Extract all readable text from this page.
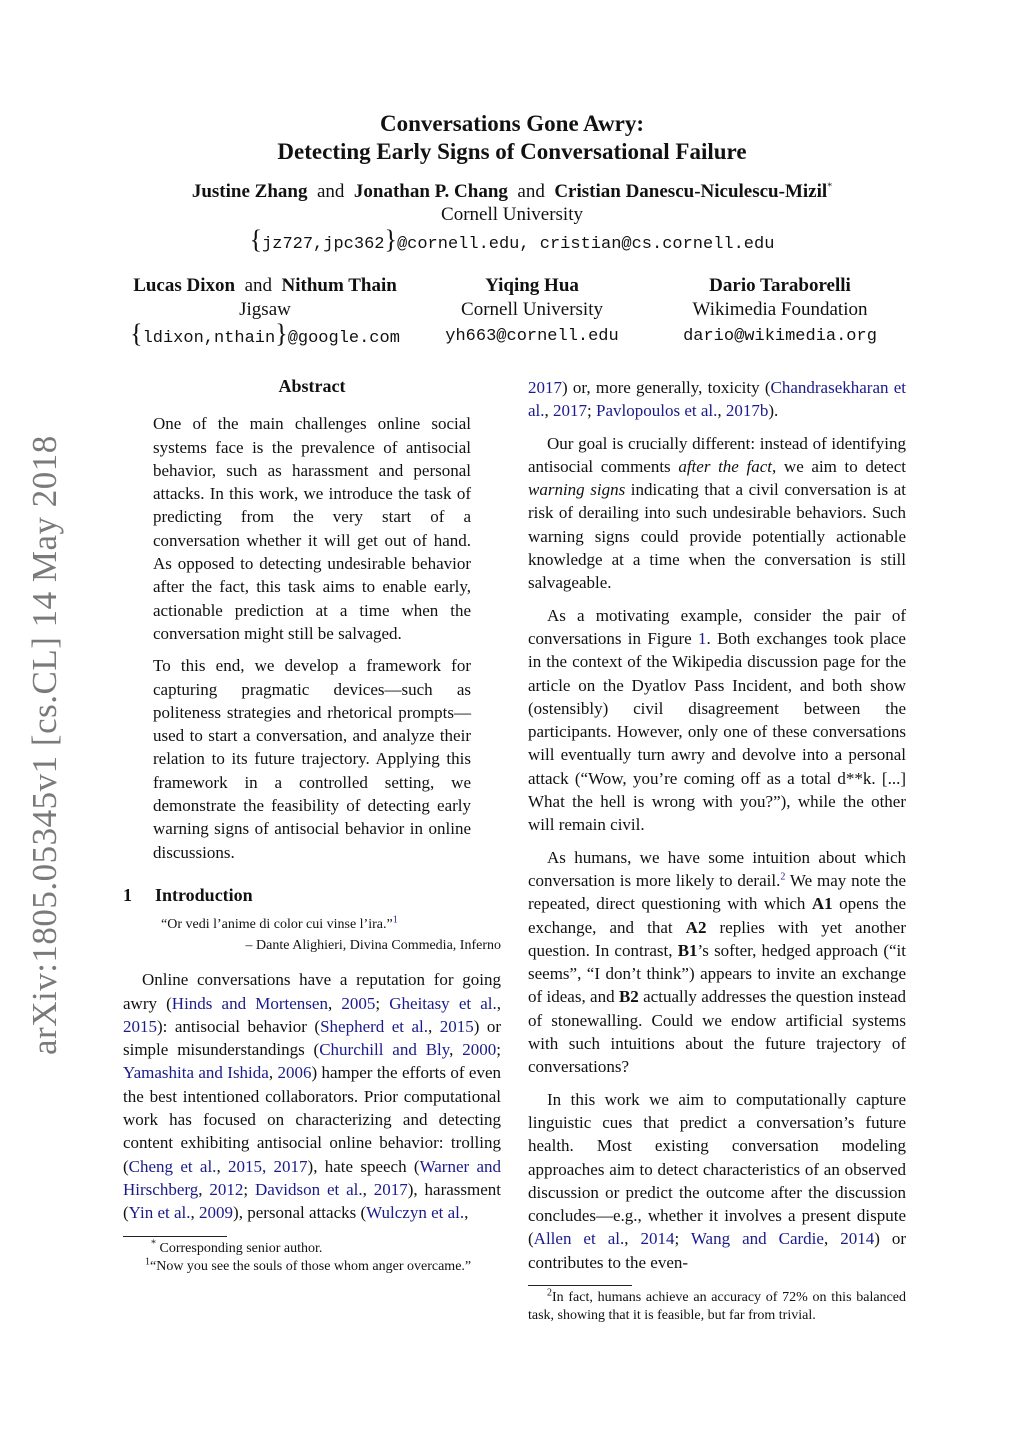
Conversations Gone Awry:
Detecting Early Signs of Conversational Failure
Justine Zhang and Jonathan P. Chang and Cristian Danescu-Niculescu-Mizil*
Cornell University
{jz727,jpc362}@cornell.edu, cristian@cs.cornell.edu
Lucas Dixon and Nithum Thain
Jigsaw
{ldixon,nthain}@google.com
Yiqing Hua
Cornell University
yh663@cornell.edu
Dario Taraborelli
Wikimedia Foundation
dario@wikimedia.org
arXiv:1805.05345v1 [cs.CL] 14 May 2018
Abstract

One of the main challenges online social systems face is the prevalence of antisocial behavior, such as harassment and personal attacks. In this work, we introduce the task of predicting from the very start of a conversation whether it will get out of hand. As opposed to detecting undesirable behavior after the fact, this task aims to enable early, actionable prediction at a time when the conversation might still be salvaged.

To this end, we develop a framework for capturing pragmatic devices—such as politeness strategies and rhetorical prompts—used to start a conversation, and analyze their relation to its future trajectory. Applying this framework in a controlled setting, we demonstrate the feasibility of detecting early warning signs of antisocial behavior in online discussions.

1 Introduction
“Or vedi l’anime di color cui vinse l’ira.”$^1$
– Dante Alighieri, Divina Commedia, Inferno

Online conversations have a reputation for going awry (Hinds and Mortensen, 2005; Gheitasy et al., 2015): antisocial behavior (Shepherd et al., 2015) or simple misunderstandings (Churchill and Bly, 2000; Yamashita and Ishida, 2006) hamper the efforts of even the best intentioned collaborators. Prior computational work has focused on characterizing and detecting content exhibiting antisocial online behavior: trolling (Cheng et al., 2015, 2017), hate speech (Warner and Hirschberg, 2012; Davidson et al., 2017), harassment (Yin et al., 2009), personal attacks (Wulczyn et al.,

* Corresponding senior author.
$^1$“Now you see the souls of those whom anger overcame.”

2017) or, more generally, toxicity (Chandrasekharan et al., 2017; Pavlopoulos et al., 2017b).

Our goal is crucially different: instead of identifying antisocial comments after the fact, we aim to detect warning signs indicating that a civil conversation is at risk of derailing into such undesirable behaviors. Such warning signs could provide potentially actionable knowledge at a time when the conversation is still salvageable.

As a motivating example, consider the pair of conversations in Figure 1. Both exchanges took place in the context of the Wikipedia discussion page for the article on the Dyatlov Pass Incident, and both show (ostensibly) civil disagreement between the participants. However, only one of these conversations will eventually turn awry and devolve into a personal attack (“Wow, you’re coming off as a total d**k. [...] What the hell is wrong with you?”), while the other will remain civil.

As humans, we have some intuition about which conversation is more likely to derail.$^2$ We may note the repeated, direct questioning with which A1 opens the exchange, and that A2 replies with yet another question. In contrast, B1’s softer, hedged approach (“it seems”, “I don’t think”) appears to invite an exchange of ideas, and B2 actually addresses the question instead of stonewalling. Could we endow artificial systems with such intuitions about the future trajectory of conversations?

In this work we aim to computationally capture linguistic cues that predict a conversation’s future health. Most existing conversation modeling approaches aim to detect characteristics of an observed discussion or predict the outcome after the discussion concludes—e.g., whether it involves a present dispute (Allen et al., 2014; Wang and Cardie, 2014) or contributes to the even-

$^2$In fact, humans achieve an accuracy of 72% on this balanced task, showing that it is feasible, but far from trivial.
